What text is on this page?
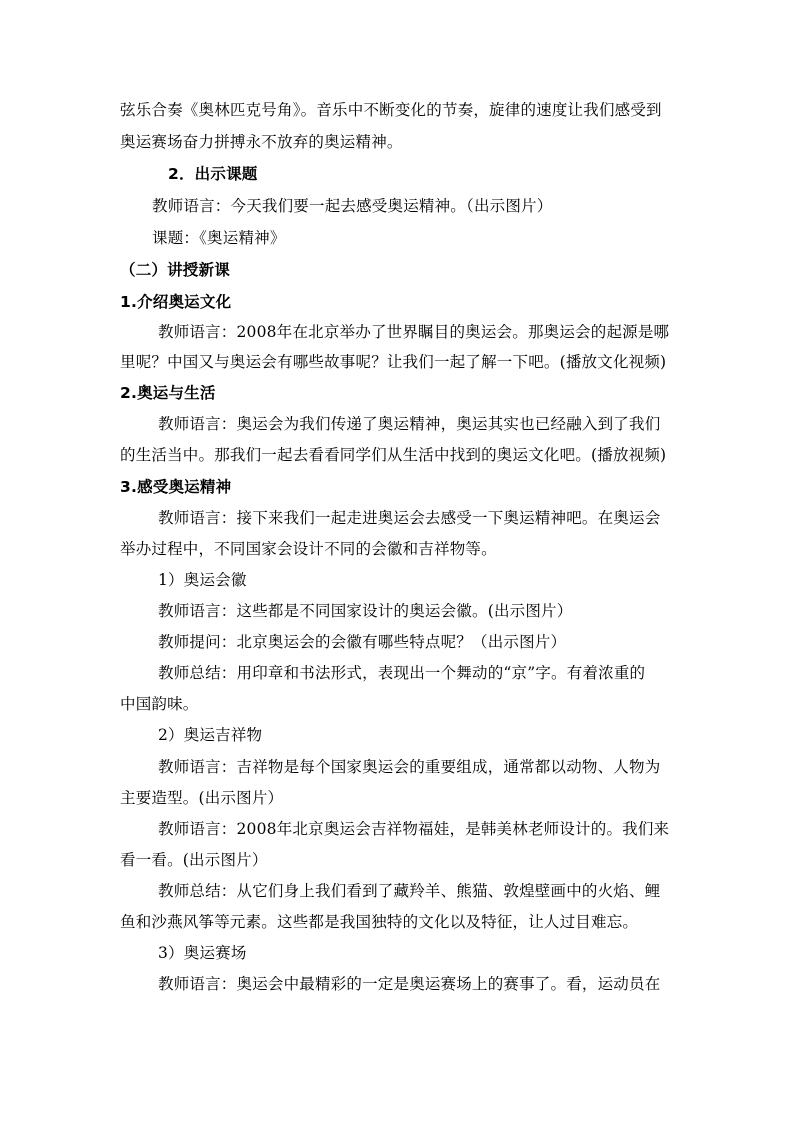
弦乐合奏《奥林匹克号角》。音乐中不断变化的节奏，旋律的速度让我们感受到
奥运赛场奋力拼搏永不放弃的奥运精神。
2．出示课题
教师语言：今天我们要一起去感受奥运精神。（出示图片）
课题：《奥运精神》
（二）讲授新课
1.介绍奥运文化
教师语言：2008年在北京举办了世界瞩目的奥运会。那奥运会的起源是哪
里呢？中国又与奥运会有哪些故事呢？让我们一起了解一下吧。(播放文化视频)
2.奥运与生活
教师语言：奥运会为我们传递了奥运精神，奥运其实也已经融入到了我们
的生活当中。那我们一起去看看同学们从生活中找到的奥运文化吧。(播放视频)
3.感受奥运精神
教师语言：接下来我们一起走进奥运会去感受一下奥运精神吧。在奥运会
举办过程中，不同国家会设计不同的会徽和吉祥物等。
1）奥运会徽
教师语言：这些都是不同国家设计的奥运会徽。(出示图片）
教师提问：北京奥运会的会徽有哪些特点呢？（出示图片）
教师总结：用印章和书法形式，表现出一个舞动的“京”字。有着浓重的
中国韵味。
2）奥运吉祥物
教师语言：吉祥物是每个国家奥运会的重要组成，通常都以动物、人物为
主要造型。(出示图片）
教师语言：2008年北京奥运会吉祥物福娃，是韩美林老师设计的。我们来
看一看。(出示图片）
教师总结：从它们身上我们看到了藏羚羊、熊猫、敦煌壁画中的火焰、鲤
鱼和沙燕风筝等元素。这些都是我国独特的文化以及特征，让人过目难忘。
3）奥运赛场
教师语言：奥运会中最精彩的一定是奥运赛场上的赛事了。看，运动员在
